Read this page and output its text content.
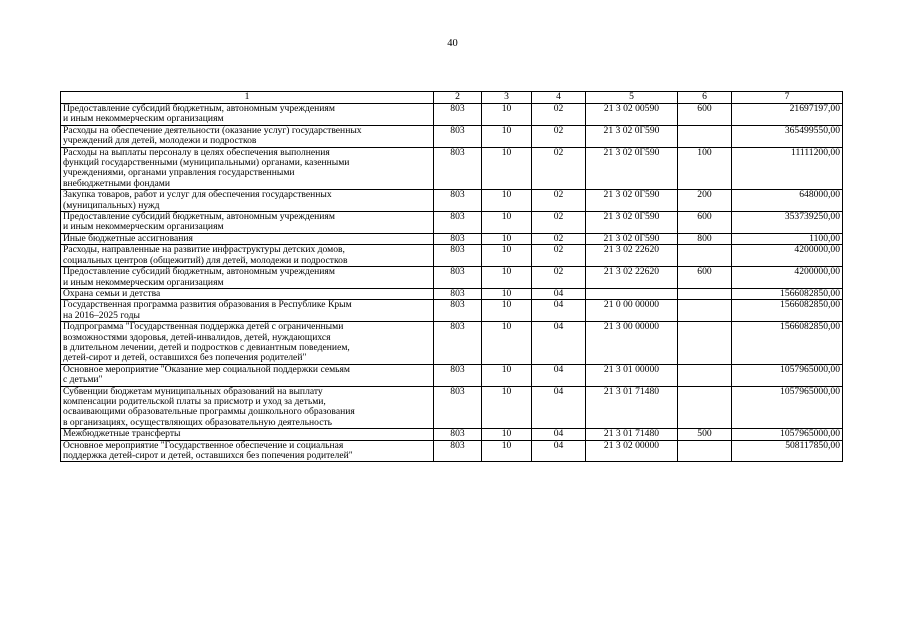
40
1	2	3	4	5	6	7
Предоставление субсидий бюджетным, автономным учреждениям
и иным некоммерческим организациям	803	10	02	21 3 02 00590	600	21697197,00
Расходы на обеспечение деятельности (оказание услуг) государственных
учреждений для детей, молодежи и подростков	803	10	02	21 3 02 0Г590		365499550,00
Расходы на выплаты персоналу в целях обеспечения выполнения
функций государственными (муниципальными) органами, казенными
учреждениями, органами управления государственными
внебюджетными фондами	803	10	02	21 3 02 0Г590	100	11111200,00
Закупка товаров, работ и услуг для обеспечения государственных
(муниципальных) нужд	803	10	02	21 3 02 0Г590	200	648000,00
Предоставление субсидий бюджетным, автономным учреждениям
и иным некоммерческим организациям	803	10	02	21 3 02 0Г590	600	353739250,00
Иные бюджетные ассигнования	803	10	02	21 3 02 0Г590	800	1100,00
Расходы, направленные на развитие инфраструктуры детских домов,
социальных центров (общежитий) для детей, молодежи и подростков	803	10	02	21 3 02 22620		4200000,00
Предоставление субсидий бюджетным, автономным учреждениям
и иным некоммерческим организациям	803	10	02	21 3 02 22620	600	4200000,00
Охрана семьи и детства	803	10	04			1566082850,00
Государственная программа развития образования в Республике Крым
на 2016–2025 годы	803	10	04	21 0 00 00000		1566082850,00
Подпрограмма "Государственная поддержка детей с ограниченными
возможностями здоровья, детей-инвалидов, детей, нуждающихся
в длительном лечении, детей и подростков с девиантным поведением,
детей-сирот и детей, оставшихся без попечения родителей"	803	10	04	21 3 00 00000		1566082850,00
Основное мероприятие "Оказание мер социальной поддержки семьям
с детьми"	803	10	04	21 3 01 00000		1057965000,00
Субвенции бюджетам муниципальных образований на выплату
компенсации родительской платы за присмотр и уход за детьми,
осваивающими образовательные программы дошкольного образования
в организациях, осуществляющих образовательную деятельность	803	10	04	21 3 01 71480		1057965000,00
Межбюджетные трансферты	803	10	04	21 3 01 71480	500	1057965000,00
Основное мероприятие "Государственное обеспечение и социальная
поддержка детей-сирот и детей, оставшихся без попечения родителей"	803	10	04	21 3 02 00000		508117850,00
